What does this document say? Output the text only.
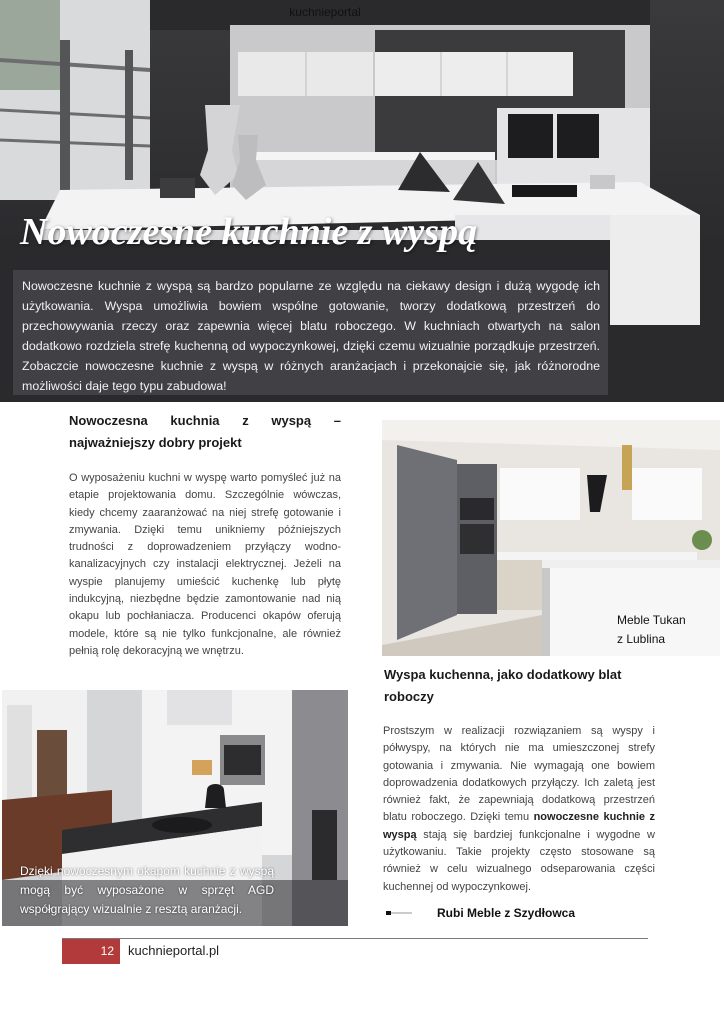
kuchnieportal
Nowoczesne kuchnie z wyspą

Nowoczesne kuchnie z wyspą są bardzo popularne ze względu na ciekawy design i dużą wygodę ich użytkowania. Wyspa umożliwia bowiem wspólne gotowanie, tworzy dodatkową przestrzeń do przechowywania rzeczy oraz zapewnia więcej blatu roboczego. W kuchniach otwartych na salon dodatkowo rozdziela strefę kuchenną od wypoczynkowej, dzięki czemu wizualnie porządkuje przestrzeń. Zobaczcie nowoczesne kuchnie z wyspą w różnych aranżacjach i przekonajcie się, jak różnorodne możliwości daje tego typu zabudowa!

Nowoczesna kuchnia z wyspą –
najważniejszy dobry projekt

O wyposażeniu kuchni w wyspę warto pomyśleć już na etapie projektowania domu. Szczególnie wówczas, kiedy chcemy zaaranżować na niej strefę gotowanie i zmywania. Dzięki temu unikniemy późniejszych trudności z doprowadzeniem przyłączy wodno-kanalizacyjnych czy instalacji elektrycznej. Jeżeli na wyspie planujemy umieścić kuchenkę lub płytę indukcyjną, niezbędne będzie zamontowanie nad nią okapu lub pochłaniacza. Producenci okapów oferują modele, które są nie tylko funkcjonalne, ale również pełnią rolę dekoracyjną we wnętrzu.

Meble Tukan
z Lublina
Wyspa kuchenna, jako dodatkowy blat roboczy

Prostszym w realizacji rozwiązaniem są wyspy i półwyspy, na których nie ma umieszczonej strefy gotowania i zmywania. Nie wymagają one bowiem doprowadzenia dodatkowych przyłączy. Ich zaletą jest również fakt, że zapewniają dodatkową przestrzeń blatu roboczego. Dzięki temu nowoczesne kuchnie z wyspą stają się bardziej funkcjonalne i wygodne w użytkowaniu. Takie projekty często stosowane są również w celu wizualnego odseparowania części kuchennej od wypoczynkowej.

Dzięki nowoczesnym okapom kuchnie z wyspą mogą być wyposażone w sprzęt AGD współgrający wizualnie z resztą aranżacji.	Rubi Meble z Szydłowca
12	kuchnieportal.pl
